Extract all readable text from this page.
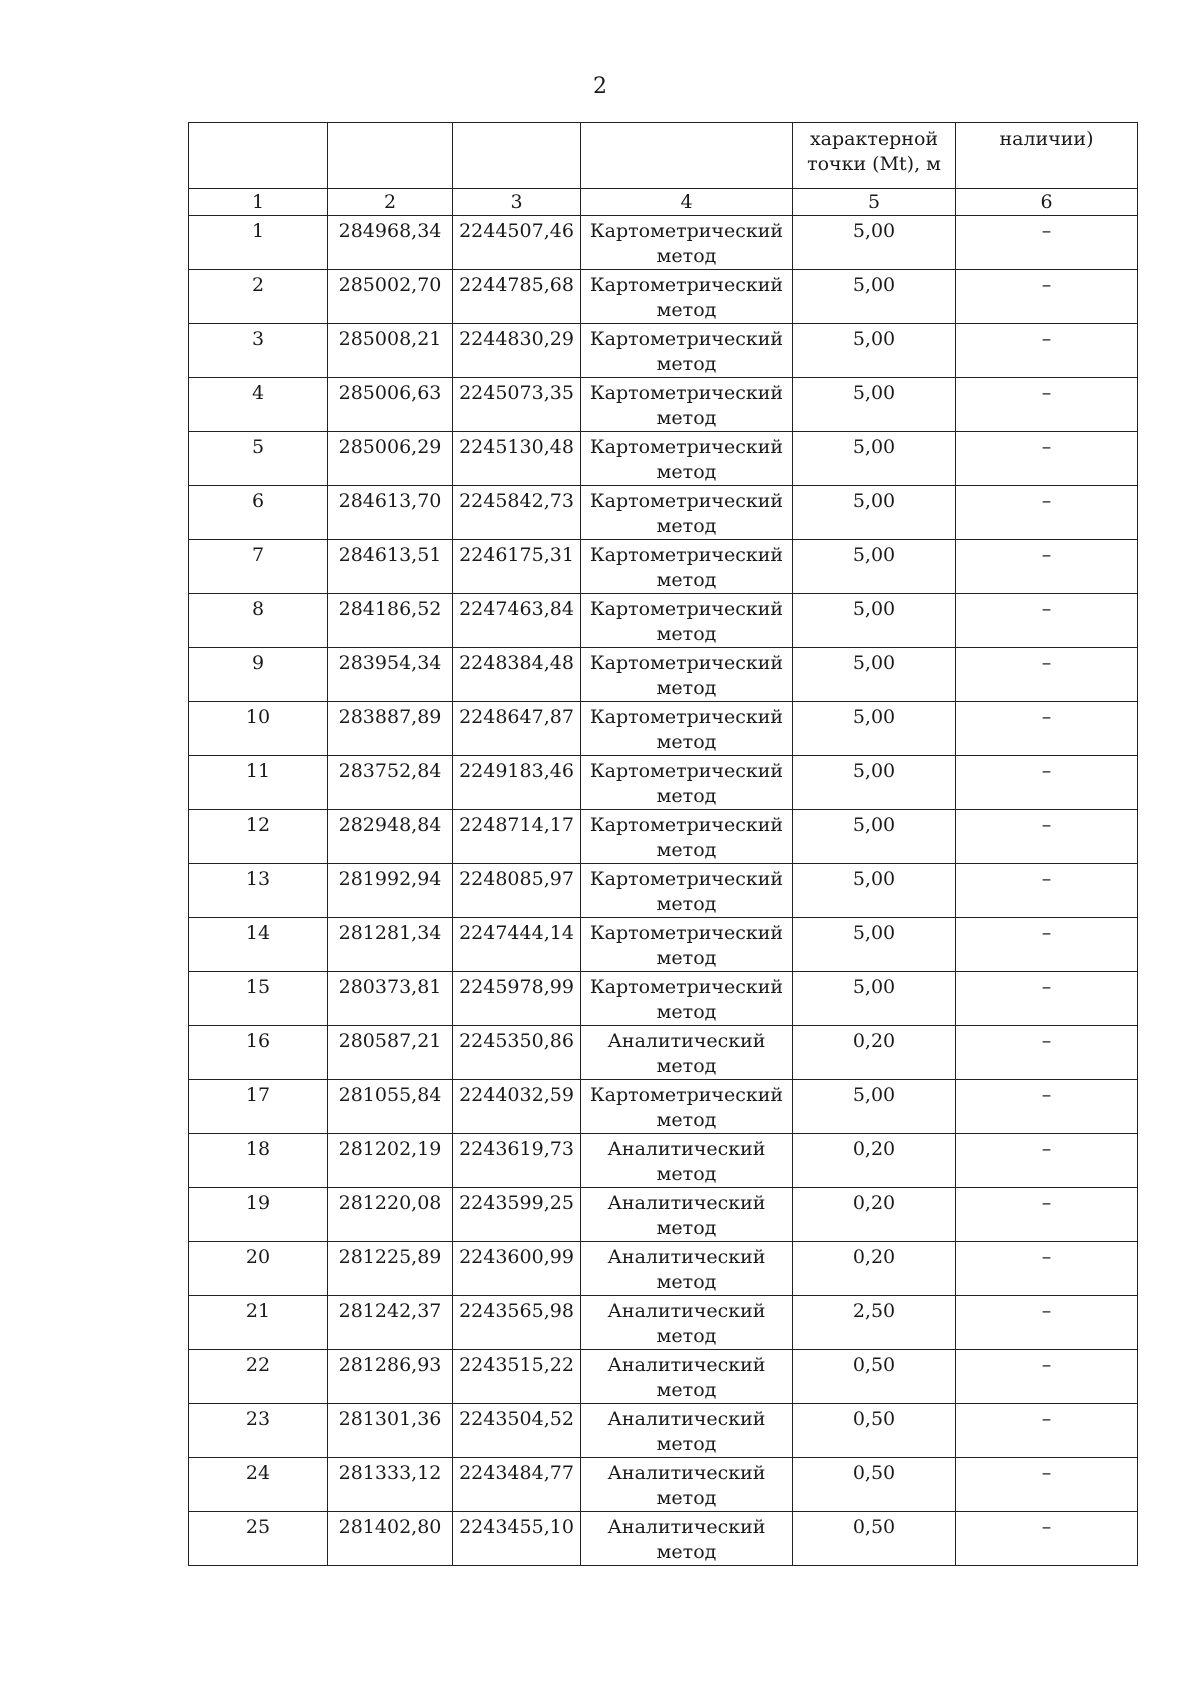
2
				характерной точки (Mt), м	наличии)
1	2	3	4	5	6
1	284968,34	2244507,46	Картометрический метод	5,00	–
2	285002,70	2244785,68	Картометрический метод	5,00	–
3	285008,21	2244830,29	Картометрический метод	5,00	–
4	285006,63	2245073,35	Картометрический метод	5,00	–
5	285006,29	2245130,48	Картометрический метод	5,00	–
6	284613,70	2245842,73	Картометрический метод	5,00	–
7	284613,51	2246175,31	Картометрический метод	5,00	–
8	284186,52	2247463,84	Картометрический метод	5,00	–
9	283954,34	2248384,48	Картометрический метод	5,00	–
10	283887,89	2248647,87	Картометрический метод	5,00	–
11	283752,84	2249183,46	Картометрический метод	5,00	–
12	282948,84	2248714,17	Картометрический метод	5,00	–
13	281992,94	2248085,97	Картометрический метод	5,00	–
14	281281,34	2247444,14	Картометрический метод	5,00	–
15	280373,81	2245978,99	Картометрический метод	5,00	–
16	280587,21	2245350,86	Аналитический метод	0,20	–
17	281055,84	2244032,59	Картометрический метод	5,00	–
18	281202,19	2243619,73	Аналитический метод	0,20	–
19	281220,08	2243599,25	Аналитический метод	0,20	–
20	281225,89	2243600,99	Аналитический метод	0,20	–
21	281242,37	2243565,98	Аналитический метод	2,50	–
22	281286,93	2243515,22	Аналитический метод	0,50	–
23	281301,36	2243504,52	Аналитический метод	0,50	–
24	281333,12	2243484,77	Аналитический метод	0,50	–
25	281402,80	2243455,10	Аналитический метод	0,50	–
